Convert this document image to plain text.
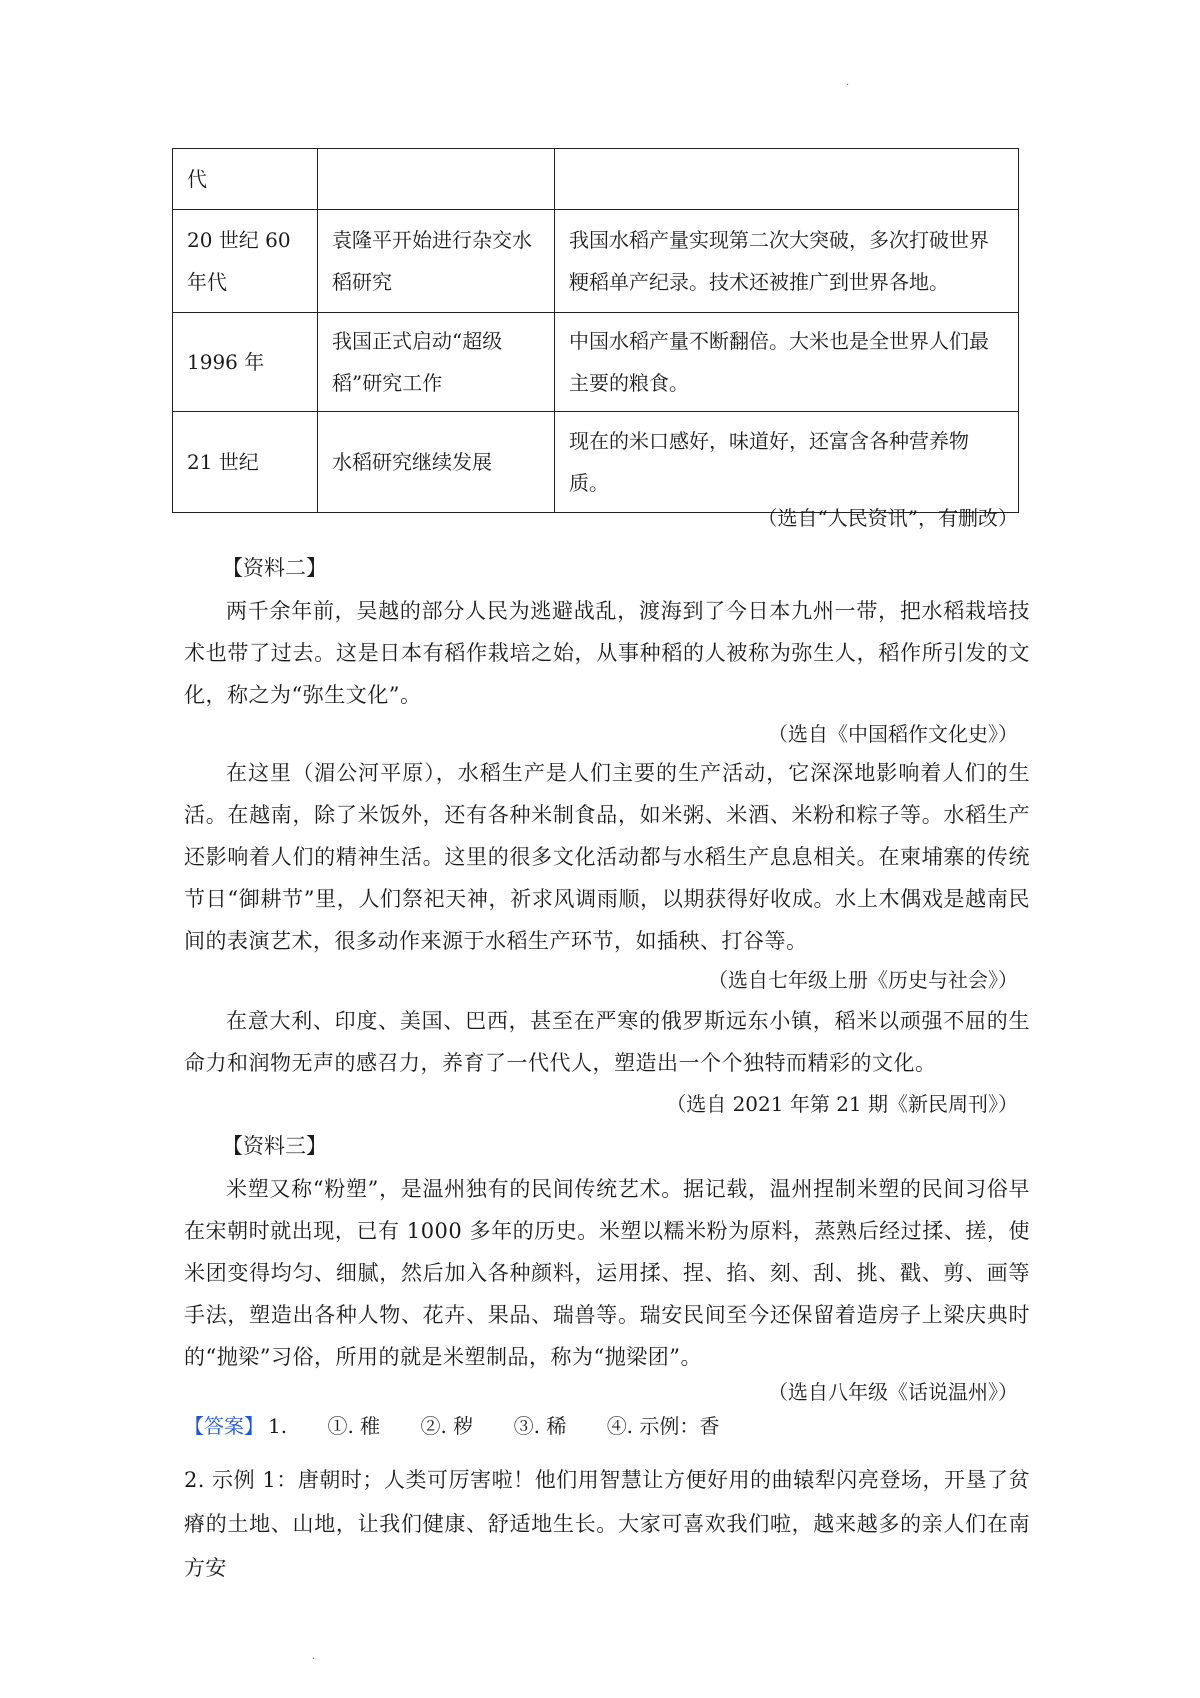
·
代		
20 世纪 60 年代	袁隆平开始进行杂交水稻研究	我国水稻产量实现第二次大突破，多次打破世界粳稻单产纪录。技术还被推广到世界各地。
1996 年	我国正式启动“超级稻”研究工作	中国水稻产量不断翻倍。大米也是全世界人们最主要的粮食。
21 世纪	水稻研究继续发展	现在的米口感好，味道好，还富含各种营养物质。
（选自“人民资讯”，有删改）
【资料二】
两千余年前，吴越的部分人民为逃避战乱，渡海到了今日本九州一带，把水稻栽培技术也带了过去。这是日本有稻作栽培之始，从事种稻的人被称为弥生人，稻作所引发的文化，称之为“弥生文化”。
（选自《中国稻作文化史》）
在这里（湄公河平原），水稻生产是人们主要的生产活动，它深深地影响着人们的生活。在越南，除了米饭外，还有各种米制食品，如米粥、米酒、米粉和粽子等。水稻生产还影响着人们的精神生活。这里的很多文化活动都与水稻生产息息相关。在柬埔寨的传统节日“御耕节”里，人们祭祀天神，祈求风调雨顺，以期获得好收成。水上木偶戏是越南民间的表演艺术，很多动作来源于水稻生产环节，如插秧、打谷等。
（选自七年级上册《历史与社会》）
在意大利、印度、美国、巴西，甚至在严寒的俄罗斯远东小镇，稻米以顽强不屈的生命力和润物无声的感召力，养育了一代代人，塑造出一个个独特而精彩的文化。
（选自 2021 年第 21 期《新民周刊》）
【资料三】
米塑又称“粉塑”，是温州独有的民间传统艺术。据记载，温州捏制米塑的民间习俗早在宋朝时就出现，已有 1000 多年的历史。米塑以糯米粉为原料，蒸熟后经过揉、搓，使米团变得均匀、细腻，然后加入各种颜料，运用揉、捏、掐、刻、刮、挑、戳、剪、画等手法，塑造出各种人物、花卉、果品、瑞兽等。瑞安民间至今还保留着造房子上梁庆典时的“抛梁”习俗，所用的就是米塑制品，称为“抛梁团”。
（选自八年级《话说温州》）
【答案】 1. ①. 稚 ②. 秽 ③. 稀 ④. 示例：香
2. 示例 1：唐朝时；人类可厉害啦！他们用智慧让方便好用的曲辕犁闪亮登场，开垦了贫瘠的土地、山地，让我们健康、舒适地生长。大家可喜欢我们啦，越来越多的亲人们在南方安
·
